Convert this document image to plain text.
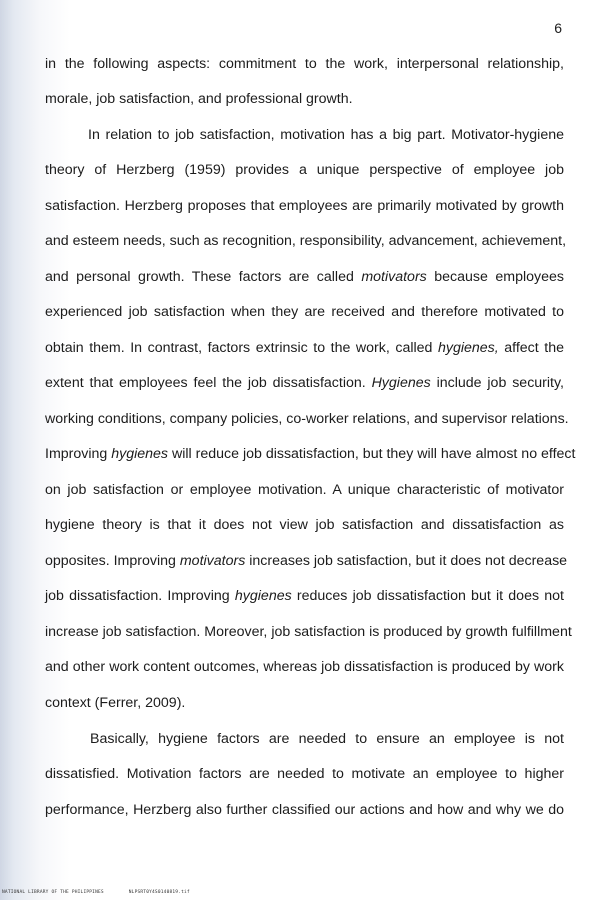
6

in the following aspects: commitment to the work, interpersonal relationship,

morale, job satisfaction, and professional growth.

In relation to job satisfaction, motivation has a big part. Motivator-hygiene

theory of Herzberg (1959) provides a unique perspective of employee job

satisfaction. Herzberg proposes that employees are primarily motivated by growth

and esteem needs, such as recognition, responsibility, advancement, achievement,

and personal growth. These factors are called motivators because employees

experienced job satisfaction when they are received and therefore motivated to

obtain them. In contrast, factors extrinsic to the work, called hygienes, affect the

extent that employees feel the job dissatisfaction. Hygienes include job security,

working conditions, company policies, co-worker relations, and supervisor relations.

Improving hygienes will reduce job dissatisfaction, but they will have almost no effect

on job satisfaction or employee motivation. A unique characteristic of motivator

hygiene theory is that it does not view job satisfaction and dissatisfaction as

opposites. Improving motivators increases job satisfaction, but it does not decrease

job dissatisfaction. Improving hygienes reduces job dissatisfaction but it does not

increase job satisfaction. Moreover, job satisfaction is produced by growth fulfillment

and other work content outcomes, whereas job dissatisfaction is produced by work

context (Ferrer, 2009).

Basically, hygiene factors are needed to ensure an employee is not

dissatisfied. Motivation factors are needed to motivate an employee to higher

performance, Herzberg also further classified our actions and how and why we do

NATIONAL LIBRARY OF THE PHILIPPINES	NLPSRT0Y4S0140819.tif
